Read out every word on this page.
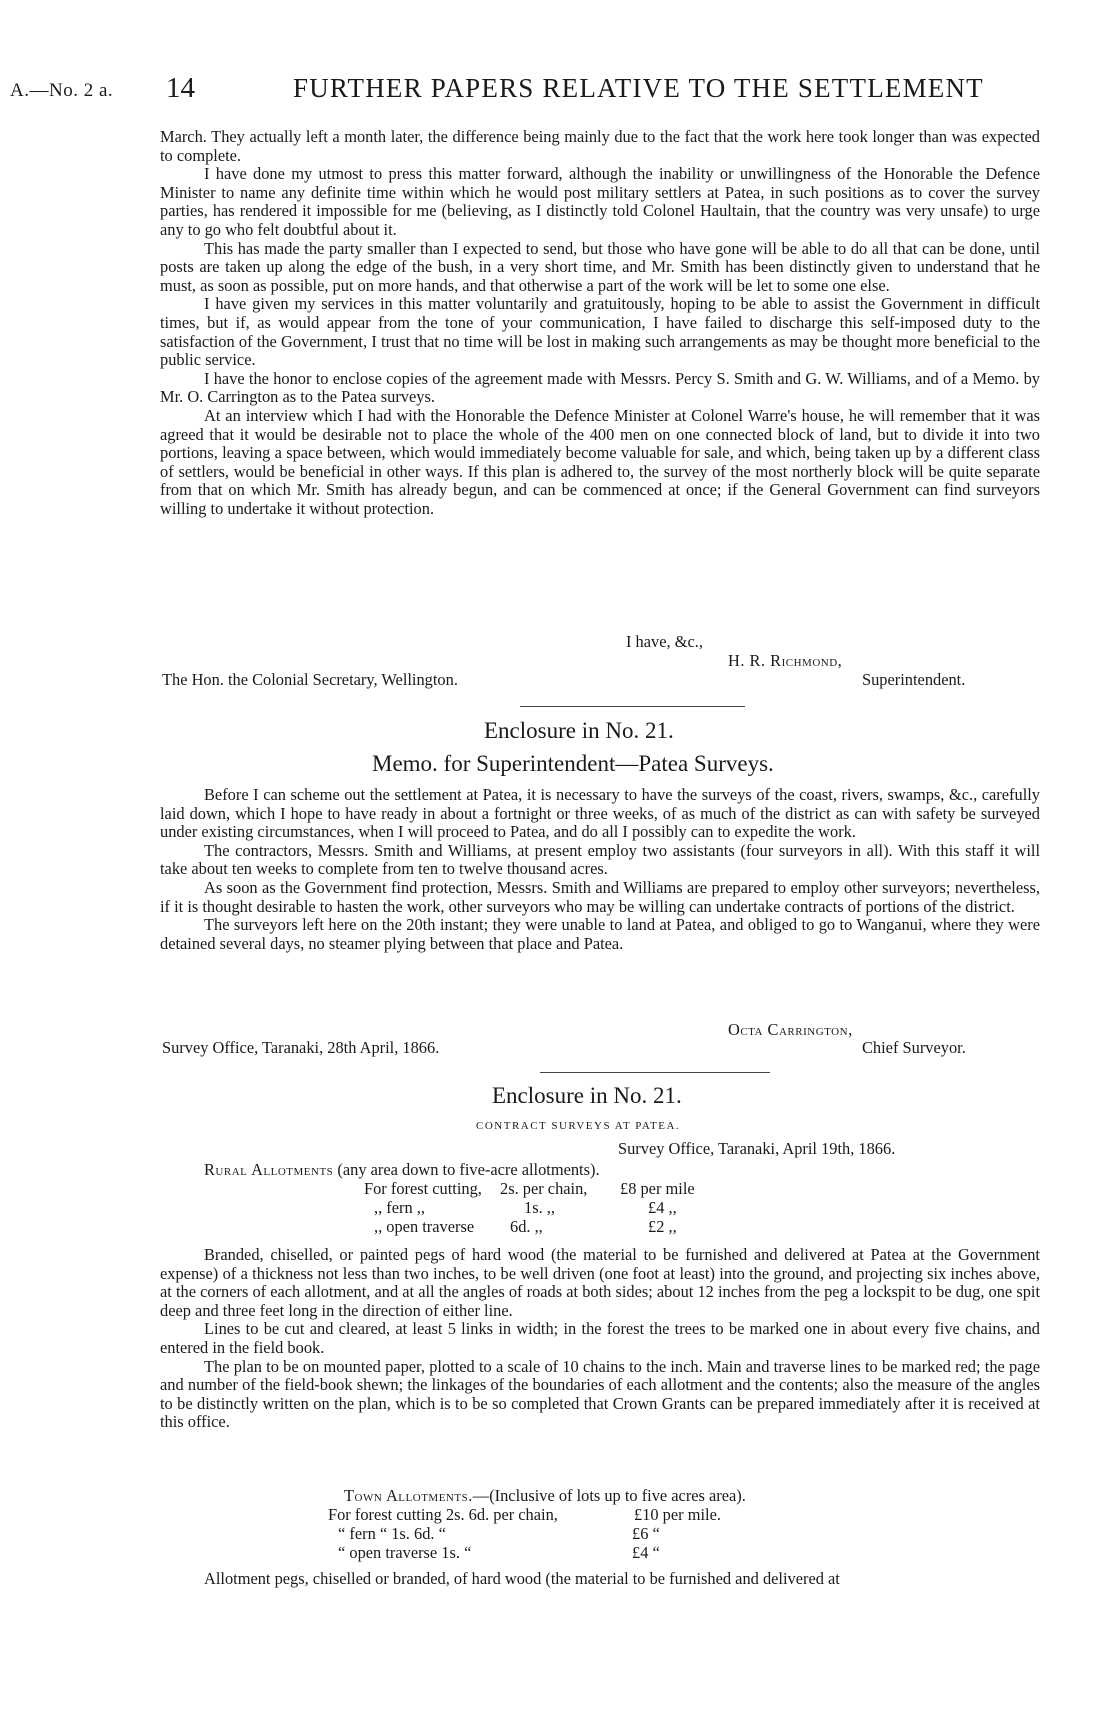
A.—No. 2 a. 14	FURTHER PAPERS RELATIVE TO THE SETTLEMENT

March. They actually left a month later, the difference being mainly due to the fact that the work here took longer than was expected to complete.

I have done my utmost to press this matter forward, although the inability or unwillingness of the Honorable the Defence Minister to name any definite time within which he would post military settlers at Patea, in such positions as to cover the survey parties, has rendered it impossible for me (believing, as I distinctly told Colonel Haultain, that the country was very unsafe) to urge any to go who felt doubtful about it.

This has made the party smaller than I expected to send, but those who have gone will be able to do all that can be done, until posts are taken up along the edge of the bush, in a very short time, and Mr. Smith has been distinctly given to understand that he must, as soon as possible, put on more hands, and that otherwise a part of the work will be let to some one else.

I have given my services in this matter voluntarily and gratuitously, hoping to be able to assist the Government in difficult times, but if, as would appear from the tone of your communication, I have failed to discharge this self-imposed duty to the satisfaction of the Government, I trust that no time will be lost in making such arrangements as may be thought more beneficial to the public service.

I have the honor to enclose copies of the agreement made with Messrs. Percy S. Smith and G. W. Williams, and of a Memo. by Mr. O. Carrington as to the Patea surveys.

At an interview which I had with the Honorable the Defence Minister at Colonel Warre's house, he will remember that it was agreed that it would be desirable not to place the whole of the 400 men on one connected block of land, but to divide it into two portions, leaving a space between, which would immediately become valuable for sale, and which, being taken up by a different class of settlers, would be beneficial in other ways. If this plan is adhered to, the survey of the most northerly block will be quite separate from that on which Mr. Smith has already begun, and can be commenced at once; if the General Government can find surveyors willing to undertake it without protection.

I have, &c.,
H. R. Richmond,
The Hon. the Colonial Secretary, Wellington.	Superintendent.
Enclosure in No. 21.
Memo. for Superintendent—Patea Surveys.

Before I can scheme out the settlement at Patea, it is necessary to have the surveys of the coast, rivers, swamps, &c., carefully laid down, which I hope to have ready in about a fortnight or three weeks, of as much of the district as can with safety be surveyed under existing circumstances, when I will proceed to Patea, and do all I possibly can to expedite the work.

The contractors, Messrs. Smith and Williams, at present employ two assistants (four surveyors in all). With this staff it will take about ten weeks to complete from ten to twelve thousand acres.

As soon as the Government find protection, Messrs. Smith and Williams are prepared to employ other surveyors; nevertheless, if it is thought desirable to hasten the work, other surveyors who may be willing can undertake contracts of portions of the district.

The surveyors left here on the 20th instant; they were unable to land at Patea, and obliged to go to Wanganui, where they were detained several days, no steamer plying between that place and Patea.

Octa Carrington,
Survey Office, Taranaki, 28th April, 1866.	Chief Surveyor.
Enclosure in No. 21.
CONTRACT SURVEYS AT PATEA.
Survey Office, Taranaki, April 19th, 1866.
Rural Allotments (any area down to five-acre allotments).
For forest cutting, 2s. per chain, £8 per mile
,, fern ,,	1s. ,,	£4 ,,
,, open traverse 6d. ,,	£2 ,,

Branded, chiselled, or painted pegs of hard wood (the material to be furnished and delivered at Patea at the Government expense) of a thickness not less than two inches, to be well driven (one foot at least) into the ground, and projecting six inches above, at the corners of each allotment, and at all the angles of roads at both sides; about 12 inches from the peg a lockspit to be dug, one spit deep and three feet long in the direction of either line.

Lines to be cut and cleared, at least 5 links in width; in the forest the trees to be marked one in about every five chains, and entered in the field book.

The plan to be on mounted paper, plotted to a scale of 10 chains to the inch. Main and traverse lines to be marked red; the page and number of the field-book shewn; the linkages of the boundaries of each allotment and the contents; also the measure of the angles to be distinctly written on the plan, which is to be so completed that Crown Grants can be prepared immediately after it is received at this office.

Town Allotments.—(Inclusive of lots up to five acres area).
For forest cutting 2s. 6d. per chain,	£10 per mile.
“ fern “ 1s. 6d. “	£6 “
“ open traverse 1s. “	£4 “

Allotment pegs, chiselled or branded, of hard wood (the material to be furnished and delivered at
